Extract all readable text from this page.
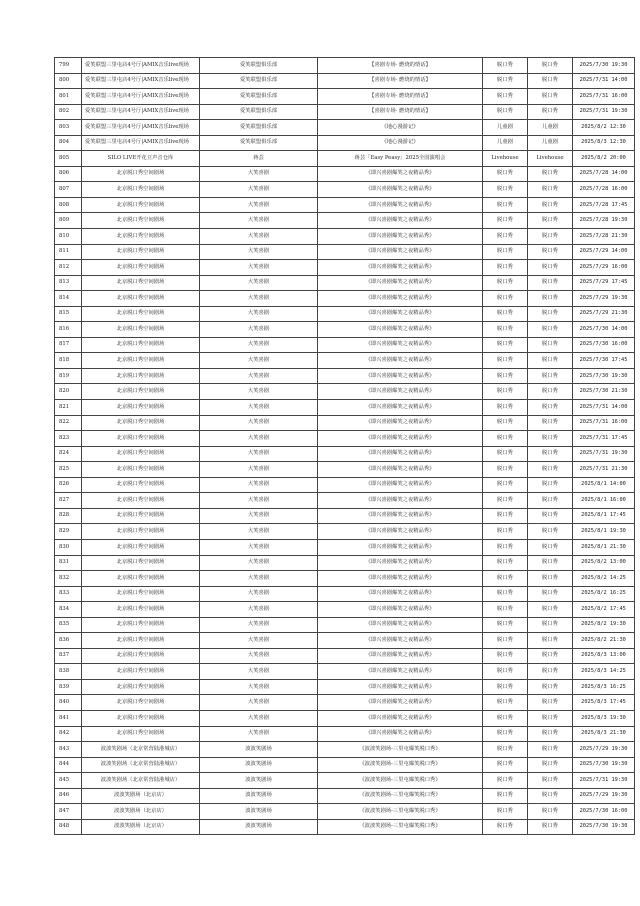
799	爱笑联盟三里屯店4号厅|AMIX音乐live现场	爱笑联盟俱乐部	【喜剧专场· 燃烧的情话】	脱口秀	脱口秀	2025/7/30 19:30
800	爱笑联盟三里屯店4号厅|AMIX音乐live现场	爱笑联盟俱乐部	【喜剧专场· 燃烧的情话】	脱口秀	脱口秀	2025/7/31 14:00
801	爱笑联盟三里屯店4号厅|AMIX音乐live现场	爱笑联盟俱乐部	【喜剧专场· 燃烧的情话】	脱口秀	脱口秀	2025/7/31 16:00
802	爱笑联盟三里屯店4号厅|AMIX音乐live现场	爱笑联盟俱乐部	【喜剧专场· 燃烧的情话】	脱口秀	脱口秀	2025/7/31 19:30
803	爱笑联盟三里屯店4号厅|AMIX音乐live现场	爱笑联盟俱乐部	《地心漫游记》	儿童剧	儿童剧	2025/8/2 12:30
804	爱笑联盟三里屯店4号厅|AMIX音乐live现场	爱笑联盟俱乐部	《地心漫游记》	儿童剧	儿童剧	2025/8/3 12:30
805	SILO LIVE开花豆声音仓库	蒋芸	蒋芸「Easy Peasy」2025全国演唱会	Livehouse	Livehouse	2025/8/2 20:00
806	北京脱口秀空间剧场	大笑喜剧	《即兴喜剧爆笑之夜精品秀》	脱口秀	脱口秀	2025/7/28 14:00
807	北京脱口秀空间剧场	大笑喜剧	《即兴喜剧爆笑之夜精品秀》	脱口秀	脱口秀	2025/7/28 16:00
808	北京脱口秀空间剧场	大笑喜剧	《即兴喜剧爆笑之夜精品秀》	脱口秀	脱口秀	2025/7/28 17:45
809	北京脱口秀空间剧场	大笑喜剧	《即兴喜剧爆笑之夜精品秀》	脱口秀	脱口秀	2025/7/28 19:30
810	北京脱口秀空间剧场	大笑喜剧	《即兴喜剧爆笑之夜精品秀》	脱口秀	脱口秀	2025/7/28 21:30
811	北京脱口秀空间剧场	大笑喜剧	《即兴喜剧爆笑之夜精品秀》	脱口秀	脱口秀	2025/7/29 14:00
812	北京脱口秀空间剧场	大笑喜剧	《即兴喜剧爆笑之夜精品秀》	脱口秀	脱口秀	2025/7/29 16:00
813	北京脱口秀空间剧场	大笑喜剧	《即兴喜剧爆笑之夜精品秀》	脱口秀	脱口秀	2025/7/29 17:45
814	北京脱口秀空间剧场	大笑喜剧	《即兴喜剧爆笑之夜精品秀》	脱口秀	脱口秀	2025/7/29 19:30
815	北京脱口秀空间剧场	大笑喜剧	《即兴喜剧爆笑之夜精品秀》	脱口秀	脱口秀	2025/7/29 21:30
816	北京脱口秀空间剧场	大笑喜剧	《即兴喜剧爆笑之夜精品秀》	脱口秀	脱口秀	2025/7/30 14:00
817	北京脱口秀空间剧场	大笑喜剧	《即兴喜剧爆笑之夜精品秀》	脱口秀	脱口秀	2025/7/30 16:00
818	北京脱口秀空间剧场	大笑喜剧	《即兴喜剧爆笑之夜精品秀》	脱口秀	脱口秀	2025/7/30 17:45
819	北京脱口秀空间剧场	大笑喜剧	《即兴喜剧爆笑之夜精品秀》	脱口秀	脱口秀	2025/7/30 19:30
820	北京脱口秀空间剧场	大笑喜剧	《即兴喜剧爆笑之夜精品秀》	脱口秀	脱口秀	2025/7/30 21:30
821	北京脱口秀空间剧场	大笑喜剧	《即兴喜剧爆笑之夜精品秀》	脱口秀	脱口秀	2025/7/31 14:00
822	北京脱口秀空间剧场	大笑喜剧	《即兴喜剧爆笑之夜精品秀》	脱口秀	脱口秀	2025/7/31 16:00
823	北京脱口秀空间剧场	大笑喜剧	《即兴喜剧爆笑之夜精品秀》	脱口秀	脱口秀	2025/7/31 17:45
824	北京脱口秀空间剧场	大笑喜剧	《即兴喜剧爆笑之夜精品秀》	脱口秀	脱口秀	2025/7/31 19:30
825	北京脱口秀空间剧场	大笑喜剧	《即兴喜剧爆笑之夜精品秀》	脱口秀	脱口秀	2025/7/31 21:30
826	北京脱口秀空间剧场	大笑喜剧	《即兴喜剧爆笑之夜精品秀》	脱口秀	脱口秀	2025/8/1 14:00
827	北京脱口秀空间剧场	大笑喜剧	《即兴喜剧爆笑之夜精品秀》	脱口秀	脱口秀	2025/8/1 16:00
828	北京脱口秀空间剧场	大笑喜剧	《即兴喜剧爆笑之夜精品秀》	脱口秀	脱口秀	2025/8/1 17:45
829	北京脱口秀空间剧场	大笑喜剧	《即兴喜剧爆笑之夜精品秀》	脱口秀	脱口秀	2025/8/1 19:30
830	北京脱口秀空间剧场	大笑喜剧	《即兴喜剧爆笑之夜精品秀》	脱口秀	脱口秀	2025/8/1 21:30
831	北京脱口秀空间剧场	大笑喜剧	《即兴喜剧爆笑之夜精品秀》	脱口秀	脱口秀	2025/8/2 13:00
832	北京脱口秀空间剧场	大笑喜剧	《即兴喜剧爆笑之夜精品秀》	脱口秀	脱口秀	2025/8/2 14:25
833	北京脱口秀空间剧场	大笑喜剧	《即兴喜剧爆笑之夜精品秀》	脱口秀	脱口秀	2025/8/2 16:25
834	北京脱口秀空间剧场	大笑喜剧	《即兴喜剧爆笑之夜精品秀》	脱口秀	脱口秀	2025/8/2 17:45
835	北京脱口秀空间剧场	大笑喜剧	《即兴喜剧爆笑之夜精品秀》	脱口秀	脱口秀	2025/8/2 19:30
836	北京脱口秀空间剧场	大笑喜剧	《即兴喜剧爆笑之夜精品秀》	脱口秀	脱口秀	2025/8/2 21:30
837	北京脱口秀空间剧场	大笑喜剧	《即兴喜剧爆笑之夜精品秀》	脱口秀	脱口秀	2025/8/3 13:00
838	北京脱口秀空间剧场	大笑喜剧	《即兴喜剧爆笑之夜精品秀》	脱口秀	脱口秀	2025/8/3 14:25
839	北京脱口秀空间剧场	大笑喜剧	《即兴喜剧爆笑之夜精品秀》	脱口秀	脱口秀	2025/8/3 16:25
840	北京脱口秀空间剧场	大笑喜剧	《即兴喜剧爆笑之夜精品秀》	脱口秀	脱口秀	2025/8/3 17:45
841	北京脱口秀空间剧场	大笑喜剧	《即兴喜剧爆笑之夜精品秀》	脱口秀	脱口秀	2025/8/3 19:30
842	北京脱口秀空间剧场	大笑喜剧	《即兴喜剧爆笑之夜精品秀》	脱口秀	脱口秀	2025/8/3 21:30
843	波波笑剧场（北京常营陆港城店）	波波笑剧场	《波波笑剧场-三里屯爆笑脱口秀》	脱口秀	脱口秀	2025/7/29 19:30
844	波波笑剧场（北京常营陆港城店）	波波笑剧场	《波波笑剧场-三里屯爆笑脱口秀》	脱口秀	脱口秀	2025/7/30 19:30
845	波波笑剧场（北京常营陆港城店）	波波笑剧场	《波波笑剧场-三里屯爆笑脱口秀》	脱口秀	脱口秀	2025/7/31 19:30
846	波波笑剧场（北京店）	波波笑剧场	《波波笑剧场-三里屯爆笑脱口秀》	脱口秀	脱口秀	2025/7/29 19:30
847	波波笑剧场（北京店）	波波笑剧场	《波波笑剧场-三里屯爆笑脱口秀》	脱口秀	脱口秀	2025/7/30 16:00
848	波波笑剧场（北京店）	波波笑剧场	《波波笑剧场-三里屯爆笑脱口秀》	脱口秀	脱口秀	2025/7/30 19:30
